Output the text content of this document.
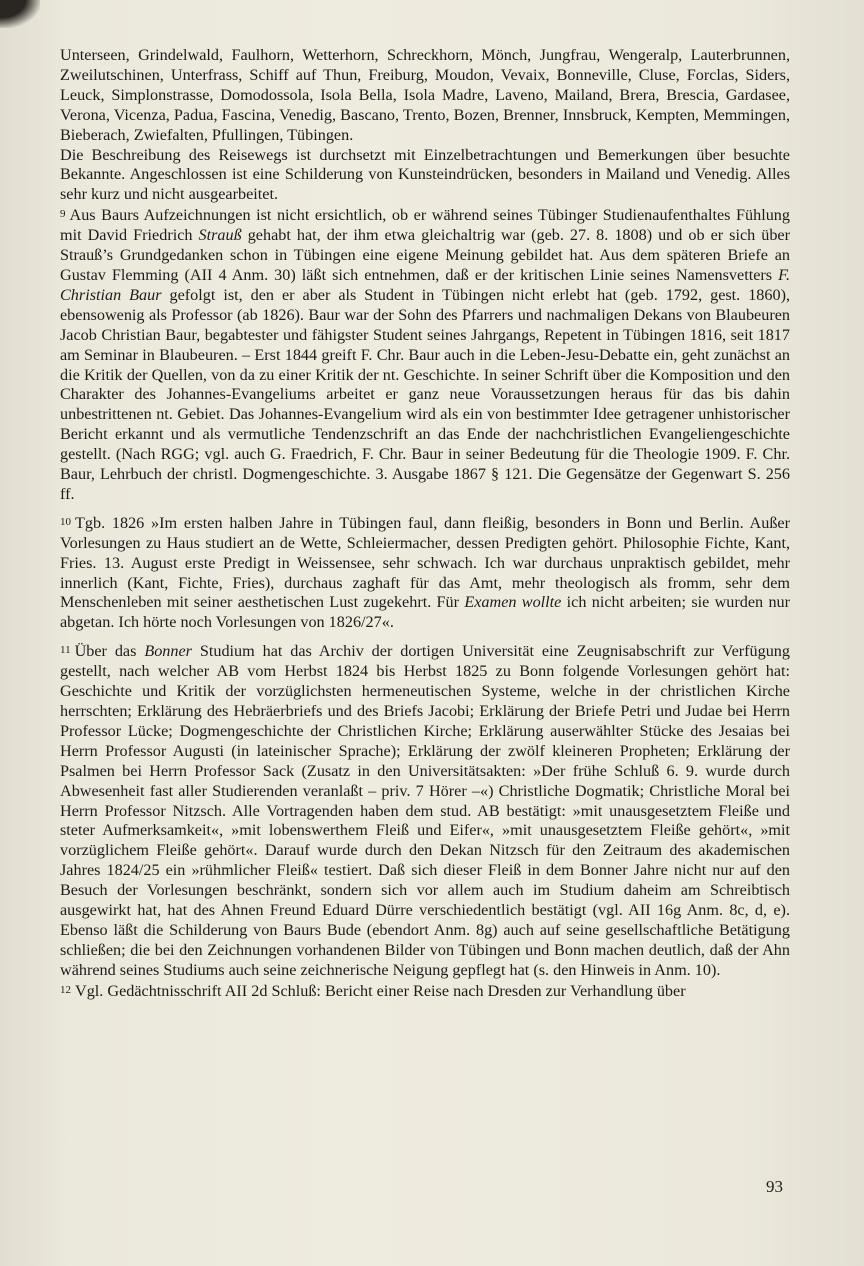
Unterseen, Grindelwald, Faulhorn, Wetterhorn, Schreckhorn, Mönch, Jungfrau, Wengeralp, Lauterbrunnen, Zweilutschinen, Unterfrass, Schiff auf Thun, Freiburg, Moudon, Vevaix, Bonneville, Cluse, Forclas, Siders, Leuck, Simplonstrasse, Domodossola, Isola Bella, Isola Madre, Laveno, Mailand, Brera, Brescia, Gardasee, Verona, Vicenza, Padua, Fascina, Venedig, Bascano, Trento, Bozen, Brenner, Innsbruck, Kempten, Memmingen, Bieberach, Zwiefalten, Pfullingen, Tübingen.

Die Beschreibung des Reisewegs ist durchsetzt mit Einzelbetrachtungen und Bemerkungen über besuchte Bekannte. Angeschlossen ist eine Schilderung von Kunsteindrücken, besonders in Mailand und Venedig. Alles sehr kurz und nicht ausgearbeitet.

9 Aus Baurs Aufzeichnungen ist nicht ersichtlich, ob er während seines Tübinger Studienaufenthaltes Fühlung mit David Friedrich Strauß gehabt hat, der ihm etwa gleichaltrig war (geb. 27. 8. 1808) und ob er sich über Strauß’s Grundgedanken schon in Tübingen eine eigene Meinung gebildet hat. Aus dem späteren Briefe an Gustav Flemming (AII 4 Anm. 30) läßt sich entnehmen, daß er der kritischen Linie seines Namensvetters F. Christian Baur gefolgt ist, den er aber als Student in Tübingen nicht erlebt hat (geb. 1792, gest. 1860), ebensowenig als Professor (ab 1826). Baur war der Sohn des Pfarrers und nachmaligen Dekans von Blaubeuren Jacob Christian Baur, begabtester und fähigster Student seines Jahrgangs, Repetent in Tübingen 1816, seit 1817 am Seminar in Blaubeuren. – Erst 1844 greift F. Chr. Baur auch in die Leben-Jesu-Debatte ein, geht zunächst an die Kritik der Quellen, von da zu einer Kritik der nt. Geschichte. In seiner Schrift über die Komposition und den Charakter des Johannes-Evangeliums arbeitet er ganz neue Voraussetzungen heraus für das bis dahin unbestrittenen nt. Gebiet. Das Johannes-Evangelium wird als ein von bestimmter Idee getragener unhistorischer Bericht erkannt und als vermutliche Tendenzschrift an das Ende der nachchristlichen Evangeliengeschichte gestellt. (Nach RGG; vgl. auch G. Fraedrich, F. Chr. Baur in seiner Bedeutung für die Theologie 1909. F. Chr. Baur, Lehrbuch der christl. Dogmengeschichte. 3. Ausgabe 1867 § 121. Die Gegensätze der Gegenwart S. 256 ff.

10 Tgb. 1826 »Im ersten halben Jahre in Tübingen faul, dann fleißig, besonders in Bonn und Berlin. Außer Vorlesungen zu Haus studiert an de Wette, Schleiermacher, dessen Predigten gehört. Philosophie Fichte, Kant, Fries. 13. August erste Predigt in Weissensee, sehr schwach. Ich war durchaus unpraktisch gebildet, mehr innerlich (Kant, Fichte, Fries), durchaus zaghaft für das Amt, mehr theologisch als fromm, sehr dem Menschenleben mit seiner aesthetischen Lust zugekehrt. Für Examen wollte ich nicht arbeiten; sie wurden nur abgetan. Ich hörte noch Vorlesungen von 1826/27«.

11 Über das Bonner Studium hat das Archiv der dortigen Universität eine Zeugnisabschrift zur Verfügung gestellt, nach welcher AB vom Herbst 1824 bis Herbst 1825 zu Bonn folgende Vorlesungen gehört hat: Geschichte und Kritik der vorzüglichsten hermeneutischen Systeme, welche in der christlichen Kirche herrschten; Erklärung des Hebräerbriefs und des Briefs Jacobi; Erklärung der Briefe Petri und Judae bei Herrn Professor Lücke; Dogmengeschichte der Christlichen Kirche; Erklärung auserwählter Stücke des Jesaias bei Herrn Professor Augusti (in lateinischer Sprache); Erklärung der zwölf kleineren Propheten; Erklärung der Psalmen bei Herrn Professor Sack (Zusatz in den Universitätsakten: »Der frühe Schluß 6. 9. wurde durch Abwesenheit fast aller Studierenden veranlaßt – priv. 7 Hörer –«) Christliche Dogmatik; Christliche Moral bei Herrn Professor Nitzsch. Alle Vortragenden haben dem stud. AB bestätigt: »mit unausgesetztem Fleiße und steter Aufmerksamkeit«, »mit lobenswerthem Fleiß und Eifer«, »mit unausgesetztem Fleiße gehört«, »mit vorzüglichem Fleiße gehört«. Darauf wurde durch den Dekan Nitzsch für den Zeitraum des akademischen Jahres 1824/25 ein »rühmlicher Fleiß« testiert. Daß sich dieser Fleiß in dem Bonner Jahre nicht nur auf den Besuch der Vorlesungen beschränkt, sondern sich vor allem auch im Studium daheim am Schreibtisch ausgewirkt hat, hat des Ahnen Freund Eduard Dürre verschiedentlich bestätigt (vgl. AII 16g Anm. 8c, d, e). Ebenso läßt die Schilderung von Baurs Bude (ebendort Anm. 8g) auch auf seine gesellschaftliche Betätigung schließen; die bei den Zeichnungen vorhandenen Bilder von Tübingen und Bonn machen deutlich, daß der Ahn während seines Studiums auch seine zeichnerische Neigung gepflegt hat (s. den Hinweis in Anm. 10).

12 Vgl. Gedächtnisschrift AII 2d Schluß: Bericht einer Reise nach Dresden zur Verhandlung über

93
